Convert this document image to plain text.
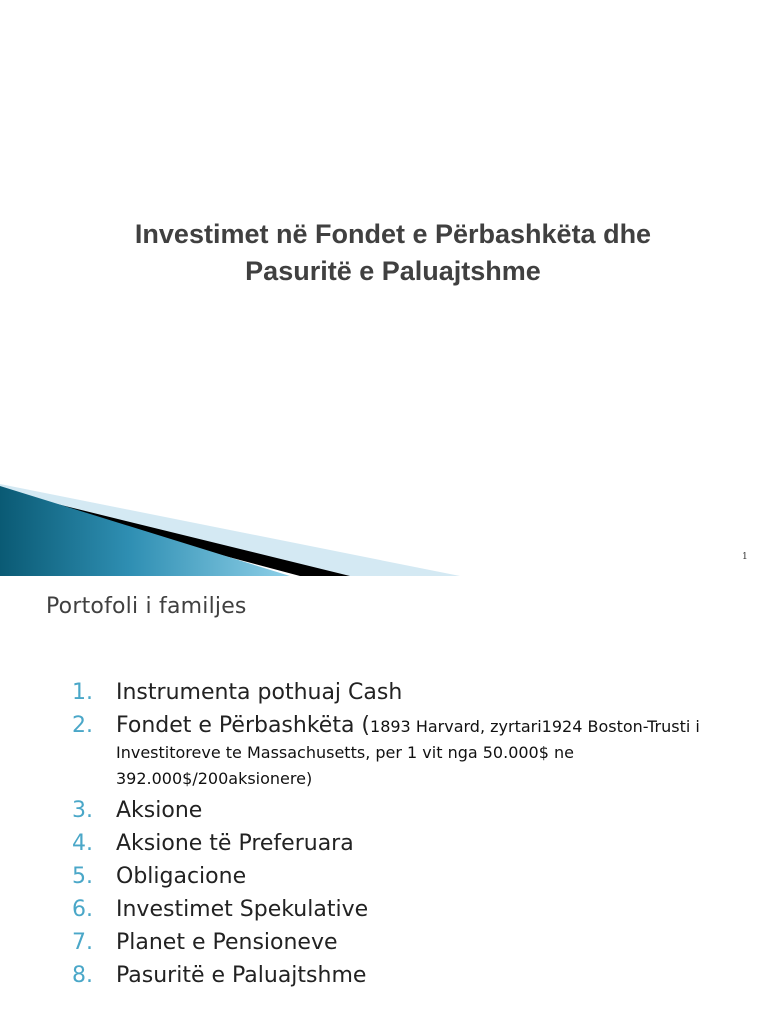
Investimet në Fondet e Përbashkëta dhe
Pasuritë e Paluajtshme
1
Portofoli i familjes
1. Instrumenta pothuaj Cash
2. Fondet e Përbashkëta (1893 Harvard, zyrtari1924 Boston-Trusti i Investitoreve te Massachusetts, per 1 vit nga 50.000$ ne 392.000$/200aksionere)
3. Aksione
4. Aksione të Preferuara
5. Obligacione
6. Investimet Spekulative
7. Planet e Pensioneve
8. Pasuritë e Paluajtshme
